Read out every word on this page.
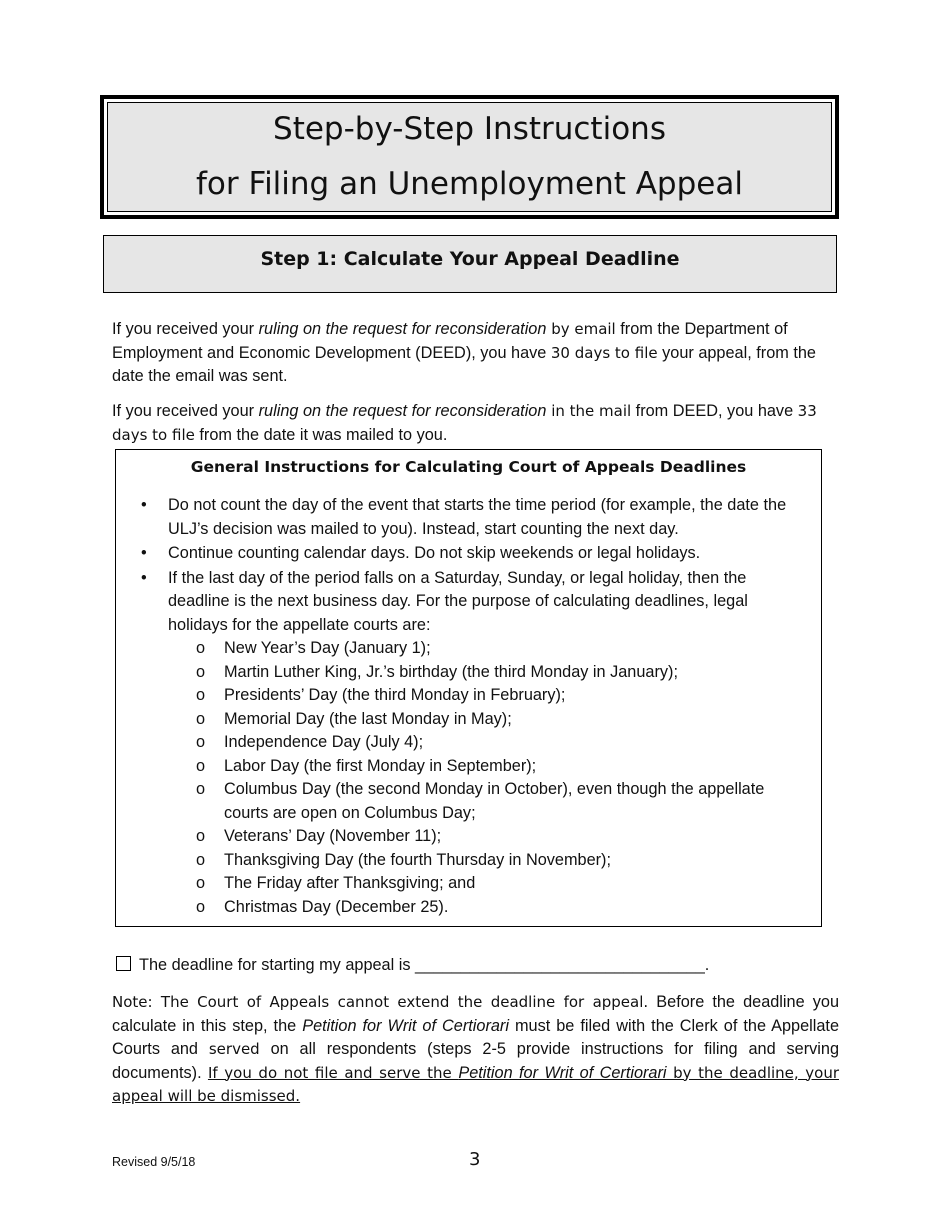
Step-by-Step Instructions
for Filing an Unemployment Appeal
Step 1: Calculate Your Appeal Deadline

If you received your ruling on the request for reconsideration by email from the Department of Employment and Economic Development (DEED), you have 30 days to file your appeal, from the date the email was sent.

If you received your ruling on the request for reconsideration in the mail from DEED, you have 33 days to file from the date it was mailed to you.

General Instructions for Calculating Court of Appeals Deadlines
• Do not count the day of the event that starts the time period (for example, the date the ULJ’s decision was mailed to you). Instead, start counting the next day.
• Continue counting calendar days. Do not skip weekends or legal holidays.
• If the last day of the period falls on a Saturday, Sunday, or legal holiday, then the deadline is the next business day. For the purpose of calculating deadlines, legal holidays for the appellate courts are:
o New Year’s Day (January 1);
o Martin Luther King, Jr.’s birthday (the third Monday in January);
o Presidents’ Day (the third Monday in February);
o Memorial Day (the last Monday in May);
o Independence Day (July 4);
o Labor Day (the first Monday in September);
o Columbus Day (the second Monday in October), even though the appellate courts are open on Columbus Day;
o Veterans’ Day (November 11);
o Thanksgiving Day (the fourth Thursday in November);
o The Friday after Thanksgiving; and
o Christmas Day (December 25).

The deadline for starting my appeal is ________________________________.

Note: The Court of Appeals cannot extend the deadline for appeal. Before the deadline you calculate in this step, the Petition for Writ of Certiorari must be filed with the Clerk of the Appellate Courts and served on all respondents (steps 2-5 provide instructions for filing and serving documents). If you do not file and serve the Petition for Writ of Certiorari by the deadline, your appeal will be dismissed.

Revised 9/5/18	3
